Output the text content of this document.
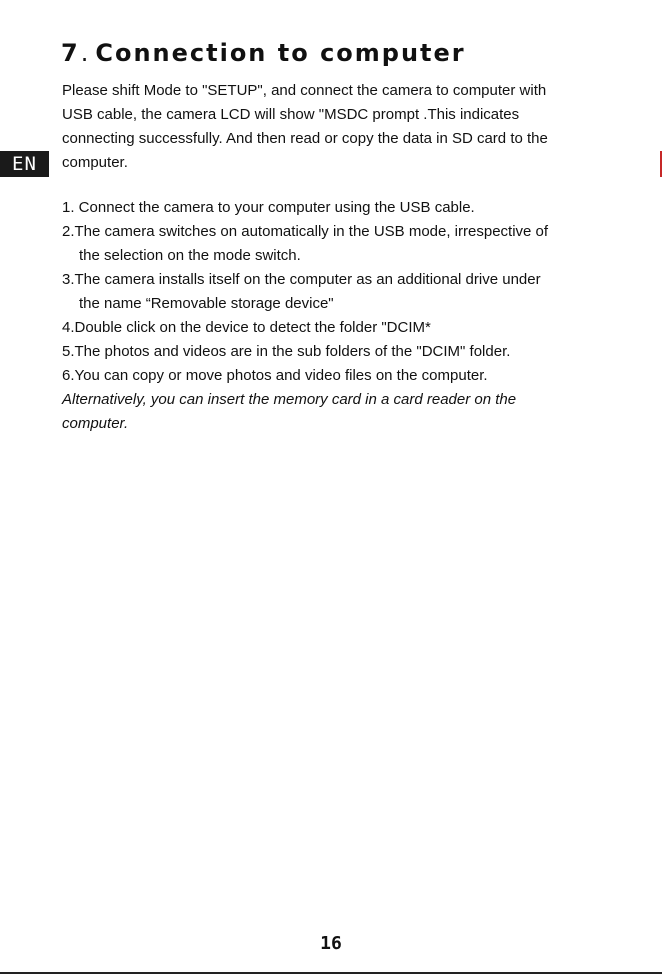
7. Connection to computer
EN

Please shift Mode to "SETUP", and connect the camera to computer with

USB cable, the camera LCD will show "MSDC prompt .This indicates

connecting successfully. And then read or copy the data in SD card to the

computer.

1. Connect the camera to your computer using the USB cable.

2.The camera switches on automatically in the USB mode, irrespective of

the selection on the mode switch.

3.The camera installs itself on the computer as an additional drive under

the name “Removable storage device"

4.Double click on the device to detect the folder "DCIM*

5.The photos and videos are in the sub folders of the "DCIM" folder.

6.You can copy or move photos and video files on the computer.

Alternatively, you can insert the memory card in a card reader on the

computer.

16
